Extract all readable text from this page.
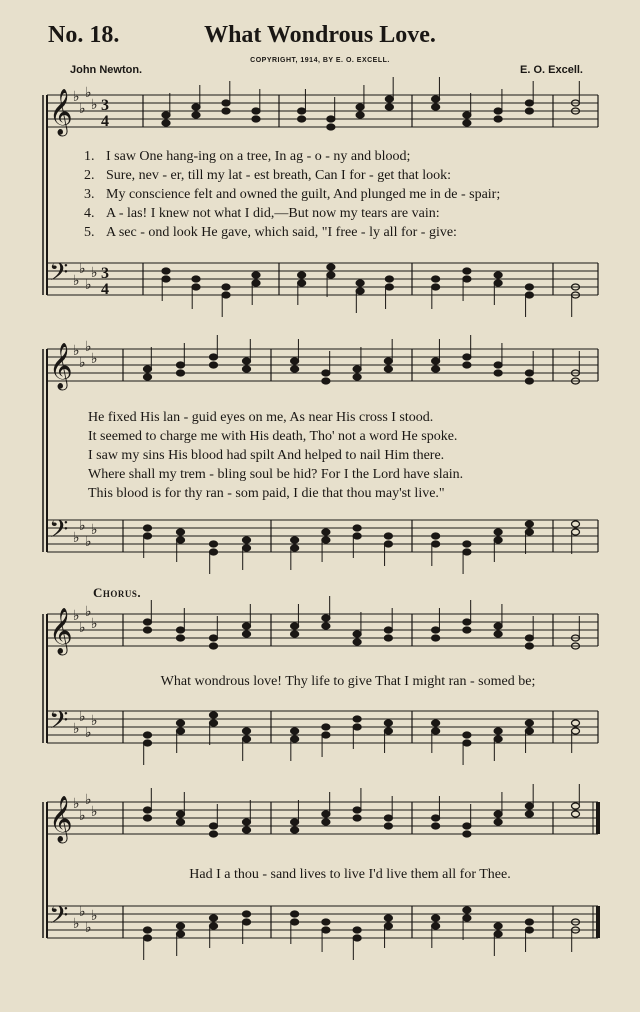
No. 18.	What Wondrous Love.
COPYRIGHT, 1914, BY E. O. EXCELL.
John Newton.	E. O. Excell.
Chorus.
𝄞 ♭
♭
♭
♭ 3
4
𝄢 ♭
♭
♭
♭ 3
4
𝄞 ♭
♭
♭
♭
𝄢 ♭
♭
♭
♭
𝄞 ♭
♭
♭
♭
𝄢 ♭
♭
♭
♭
𝄞 ♭
♭
♭
♭
𝄢 ♭
♭
♭
♭
1. I saw One hang-ing on a tree, In ag - o - ny and blood;
2. Sure, nev - er, till my lat - est breath, Can I for - get that look:
3. My conscience felt and owned the guilt, And plunged me in de - spair;
4. A - las! I knew not what I did,—But now my tears are vain:
5. A sec - ond look He gave, which said, "I free - ly all for - give:
He fixed His lan - guid eyes on me, As near His cross I stood.
It seemed to charge me with His death, Tho' not a word He spoke.
I saw my sins His blood had spilt And helped to nail Him there.
Where shall my trem - bling soul be hid? For I the Lord have slain.
This blood is for thy ran - som paid, I die that thou may'st live."
What wondrous love! Thy life to give That I might ran - somed be;
Had I a thou - sand lives to live I'd live them all for Thee.
